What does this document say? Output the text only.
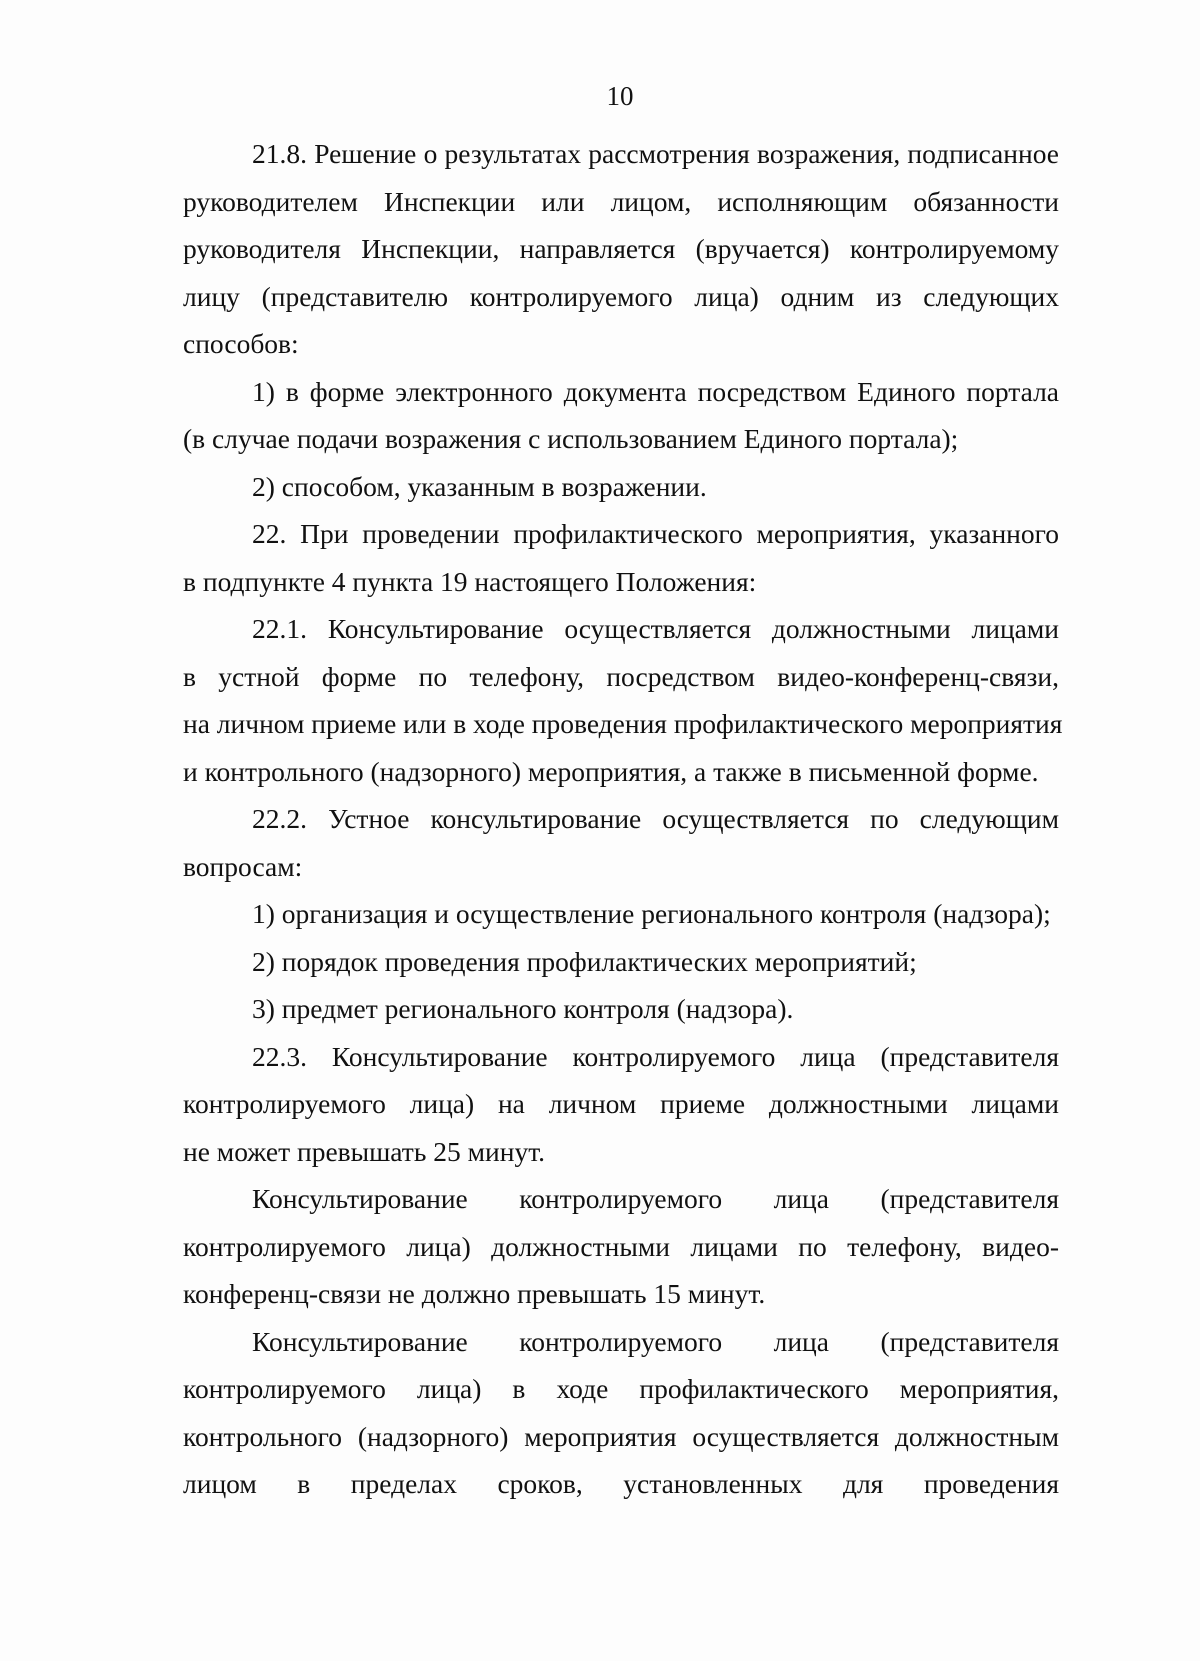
10
21.8. Решение о результатах рассмотрения возражения, подписанное
руководителем Инспекции или лицом, исполняющим обязанности
руководителя Инспекции, направляется (вручается) контролируемому
лицу (представителю контролируемого лица) одним из следующих
способов:
1) в форме электронного документа посредством Единого портала
(в случае подачи возражения с использованием Единого портала);
2) способом, указанным в возражении.
22. При проведении профилактического мероприятия, указанного
в подпункте 4 пункта 19 настоящего Положения:
22.1. Консультирование осуществляется должностными лицами
в устной форме по телефону, посредством видео-конференц-связи,
на личном приеме или в ходе проведения профилактического мероприятия
и контрольного (надзорного) мероприятия, а также в письменной форме.
22.2. Устное консультирование осуществляется по следующим
вопросам:
1) организация и осуществление регионального контроля (надзора);
2) порядок проведения профилактических мероприятий;
3) предмет регионального контроля (надзора).
22.3. Консультирование контролируемого лица (представителя
контролируемого лица) на личном приеме должностными лицами
не может превышать 25 минут.
Консультирование контролируемого лица (представителя
контролируемого лица) должностными лицами по телефону, видео-
конференц-связи не должно превышать 15 минут.
Консультирование контролируемого лица (представителя
контролируемого лица) в ходе профилактического мероприятия,
контрольного (надзорного) мероприятия осуществляется должностным
лицом в пределах сроков, установленных для проведения
